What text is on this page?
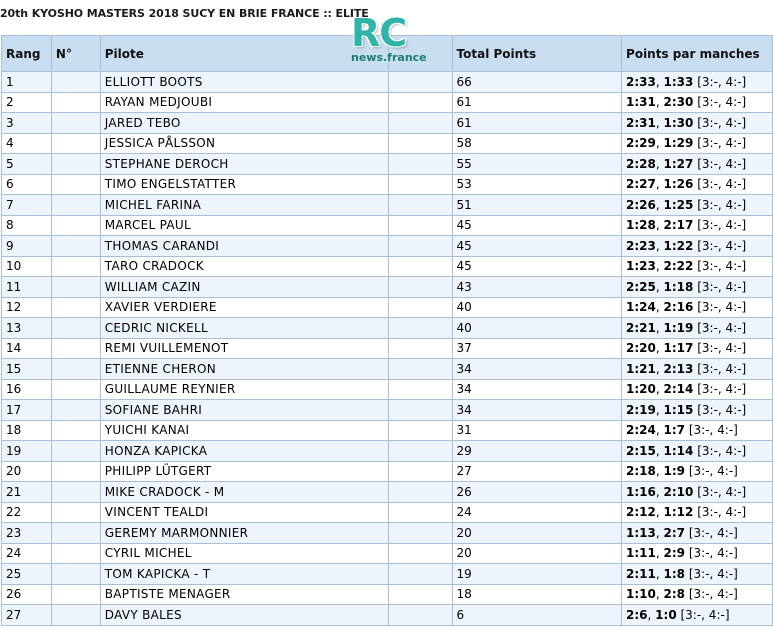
20th KYOSHO MASTERS 2018 SUCY EN BRIE FRANCE :: ELITE
RC
news.france
Rang	N°	Pilote		Total Points	Points par manches
1		ELLIOTT BOOTS		66	2:33, 1:33 [3:-, 4:-]
2		RAYAN MEDJOUBI		61	1:31, 2:30 [3:-, 4:-]
3		JARED TEBO		61	2:31, 1:30 [3:-, 4:-]
4		JESSICA PÅLSSON		58	2:29, 1:29 [3:-, 4:-]
5		STEPHANE DEROCH		55	2:28, 1:27 [3:-, 4:-]
6		TIMO ENGELSTATTER		53	2:27, 1:26 [3:-, 4:-]
7		MICHEL FARINA		51	2:26, 1:25 [3:-, 4:-]
8		MARCEL PAUL		45	1:28, 2:17 [3:-, 4:-]
9		THOMAS CARANDI		45	2:23, 1:22 [3:-, 4:-]
10		TARO CRADOCK		45	1:23, 2:22 [3:-, 4:-]
11		WILLIAM CAZIN		43	2:25, 1:18 [3:-, 4:-]
12		XAVIER VERDIERE		40	1:24, 2:16 [3:-, 4:-]
13		CEDRIC NICKELL		40	2:21, 1:19 [3:-, 4:-]
14		REMI VUILLEMENOT		37	2:20, 1:17 [3:-, 4:-]
15		ETIENNE CHERON		34	1:21, 2:13 [3:-, 4:-]
16		GUILLAUME REYNIER		34	1:20, 2:14 [3:-, 4:-]
17		SOFIANE BAHRI		34	2:19, 1:15 [3:-, 4:-]
18		YUICHI KANAI		31	2:24, 1:7 [3:-, 4:-]
19		HONZA KAPICKA		29	2:15, 1:14 [3:-, 4:-]
20		PHILIPP LÜTGERT		27	2:18, 1:9 [3:-, 4:-]
21		MIKE CRADOCK - M		26	1:16, 2:10 [3:-, 4:-]
22		VINCENT TEALDI		24	2:12, 1:12 [3:-, 4:-]
23		GEREMY MARMONNIER		20	1:13, 2:7 [3:-, 4:-]
24		CYRIL MICHEL		20	1:11, 2:9 [3:-, 4:-]
25		TOM KAPICKA - T		19	2:11, 1:8 [3:-, 4:-]
26		BAPTISTE MENAGER		18	1:10, 2:8 [3:-, 4:-]
27		DAVY BALES		6	2:6, 1:0 [3:-, 4:-]
